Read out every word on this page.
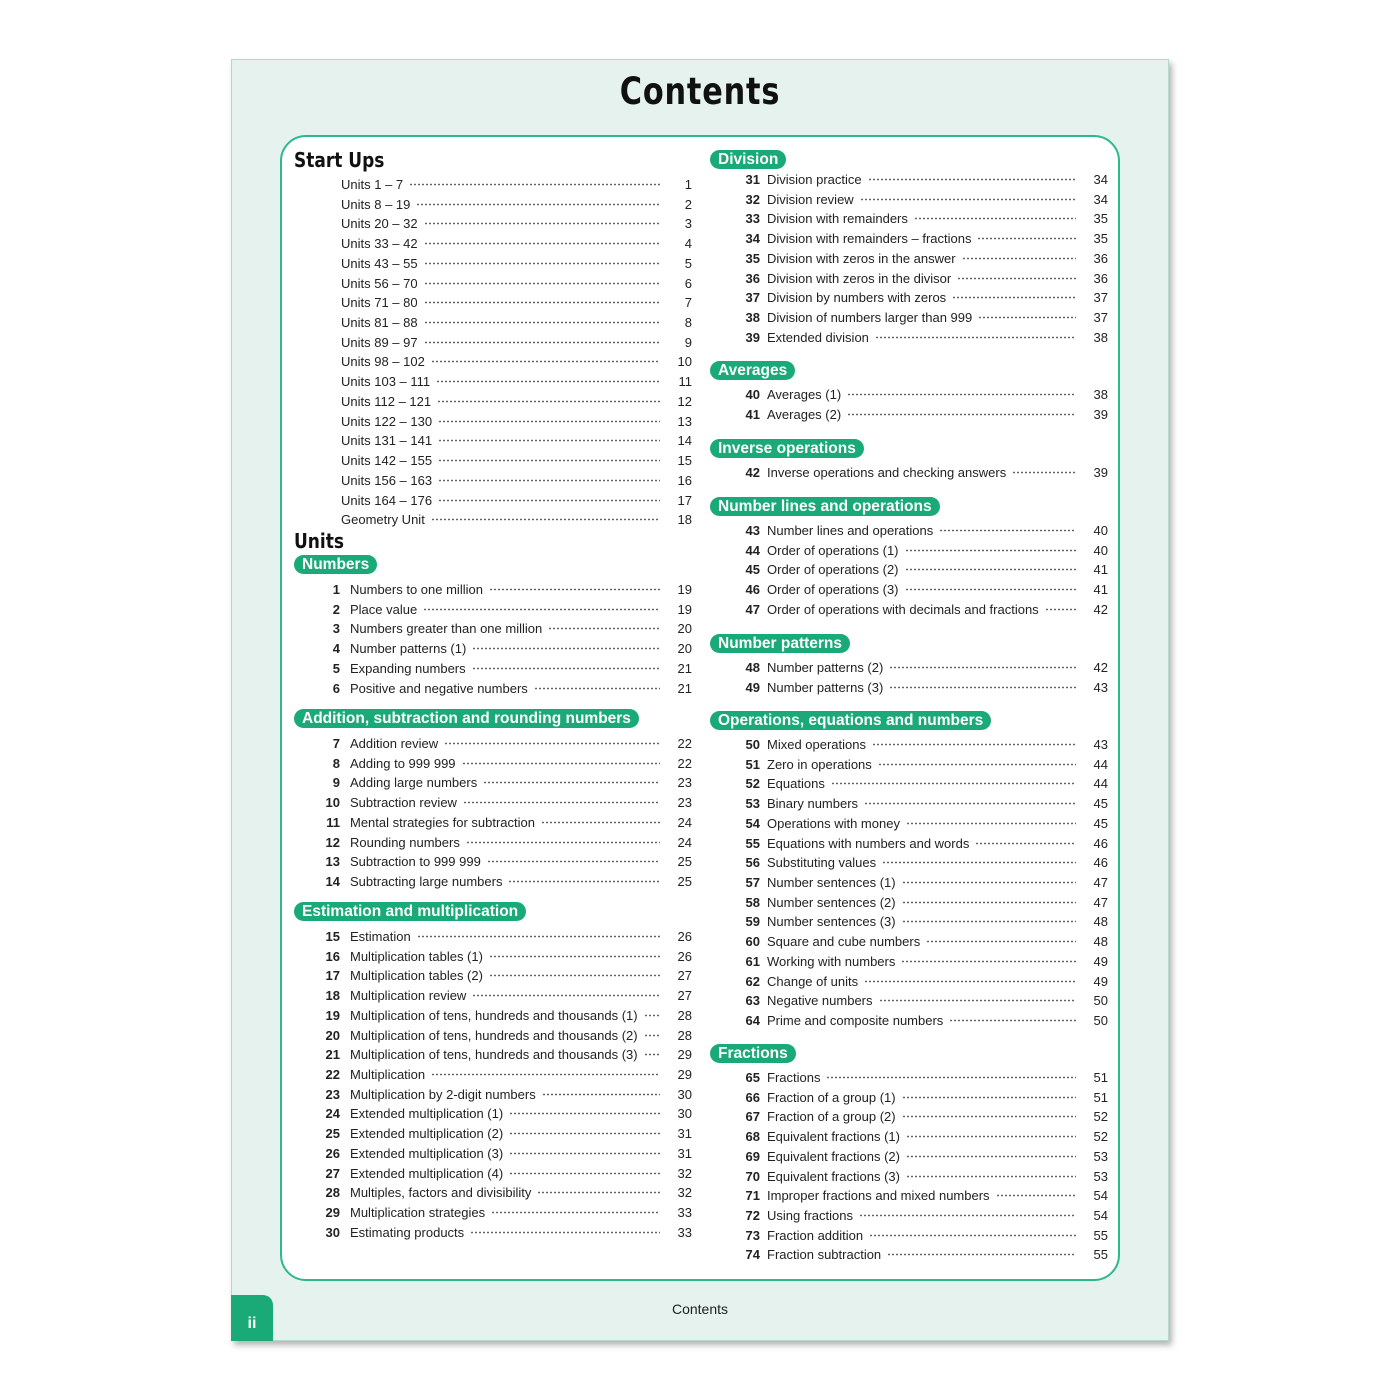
Contents
Start Ups
Units
Units 1 – 7	1
Units 8 – 19	2
Units 20 – 32	3
Units 33 – 42	4
Units 43 – 55	5
Units 56 – 70	6
Units 71 – 80	7
Units 81 – 88	8
Units 89 – 97	9
Units 98 – 102	10
Units 103 – 111	11
Units 112 – 121	12
Units 122 – 130	13
Units 131 – 141	14
Units 142 – 155	15
Units 156 – 163	16
Units 164 – 176	17
Geometry Unit	18
Numbers
1 Numbers to one million	19
2 Place value	19
3 Numbers greater than one million	20
4 Number patterns (1)	20
5 Expanding numbers	21
6 Positive and negative numbers	21
Addition, subtraction and rounding numbers
7 Addition review	22
8 Adding to 999 999	22
9 Adding large numbers	23
10 Subtraction review	23
11 Mental strategies for subtraction	24
12 Rounding numbers	24
13 Subtraction to 999 999	25
14 Subtracting large numbers	25
Estimation and multiplication
15 Estimation	26
16 Multiplication tables (1)	26
17 Multiplication tables (2)	27
18 Multiplication review	27
19 Multiplication of tens, hundreds and thousands (1)	28
20 Multiplication of tens, hundreds and thousands (2)	28
21 Multiplication of tens, hundreds and thousands (3)	29
22 Multiplication	29
23 Multiplication by 2-digit numbers	30
24 Extended multiplication (1)	30
25 Extended multiplication (2)	31
26 Extended multiplication (3)	31
27 Extended multiplication (4)	32
28 Multiples, factors and divisibility	32
29 Multiplication strategies	33
30 Estimating products	33
Division
31 Division practice	34
32 Division review	34
33 Division with remainders	35
34 Division with remainders – fractions	35
35 Division with zeros in the answer	36
36 Division with zeros in the divisor	36
37 Division by numbers with zeros	37
38 Division of numbers larger than 999	37
39 Extended division	38
Averages
40 Averages (1)	38
41 Averages (2)	39
Inverse operations
42 Inverse operations and checking answers	39
Number lines and operations
43 Number lines and operations	40
44 Order of operations (1)	40
45 Order of operations (2)	41
46 Order of operations (3)	41
47 Order of operations with decimals and fractions	42
Number patterns
48 Number patterns (2)	42
49 Number patterns (3)	43
Operations, equations and numbers
50 Mixed operations	43
51 Zero in operations	44
52 Equations	44
53 Binary numbers	45
54 Operations with money	45
55 Equations with numbers and words	46
56 Substituting values	46
57 Number sentences (1)	47
58 Number sentences (2)	47
59 Number sentences (3)	48
60 Square and cube numbers	48
61 Working with numbers	49
62 Change of units	49
63 Negative numbers	50
64 Prime and composite numbers	50
Fractions
65 Fractions	51
66 Fraction of a group (1)	51
67 Fraction of a group (2)	52
68 Equivalent fractions (1)	52
69 Equivalent fractions (2)	53
70 Equivalent fractions (3)	53
71 Improper fractions and mixed numbers	54
72 Using fractions	54
73 Fraction addition	55
74 Fraction subtraction	55
Contents
ii
